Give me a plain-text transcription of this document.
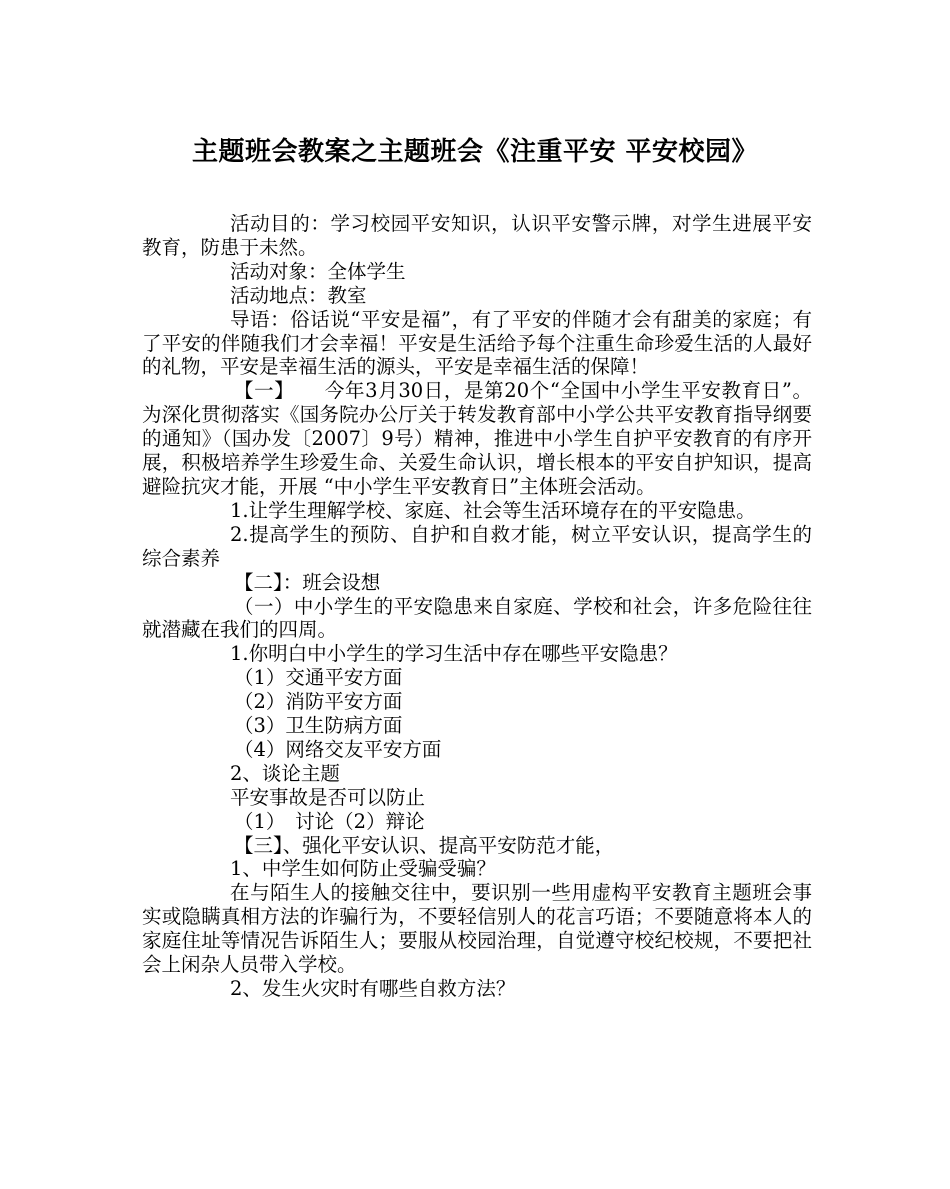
主题班会教案之主题班会《注重平安 平安校园》

活动目的：学习校园平安知识，认识平安警示牌，对学生进展平安教育，防患于未然。

活动对象：全体学生

活动地点：教室

导语：俗话说“平安是福”，有了平安的伴随才会有甜美的家庭；有了平安的伴随我们才会幸福！平安是生活给予每个注重生命珍爱生活的人最好的礼物，平安是幸福生活的源头，平安是幸福生活的保障！

【一】　　今年3月30日，是第20个“全国中小学生平安教育日”。为深化贯彻落实《国务院办公厅关于转发教育部中小学公共平安教育指导纲要的通知》（国办发〔2007〕9号）精神，推进中小学生自护平安教育的有序开展，积极培养学生珍爱生命、关爱生命认识，增长根本的平安自护知识，提高避险抗灾才能，开展 “中小学生平安教育日”主体班会活动。

1.让学生理解学校、家庭、社会等生活环境存在的平安隐患。

2.提高学生的预防、自护和自救才能，树立平安认识，提高学生的综合素养

【二】：班会设想

（一）中小学生的平安隐患来自家庭、学校和社会，许多危险往往就潜藏在我们的四周。

1.你明白中小学生的学习生活中存在哪些平安隐患？

（1）交通平安方面

（2）消防平安方面

（3）卫生防病方面

（4）网络交友平安方面

2、谈论主题

平安事故是否可以防止

（1）　讨论（2）辩论

【三】、强化平安认识、提高平安防范才能，

1、中学生如何防止受骗受骗？

在与陌生人的接触交往中，要识别一些用虚构平安教育主题班会事实或隐瞒真相方法的诈骗行为，不要轻信别人的花言巧语；不要随意将本人的家庭住址等情况告诉陌生人；要服从校园治理，自觉遵守校纪校规，不要把社会上闲杂人员带入学校。

2、发生火灾时有哪些自救方法？
